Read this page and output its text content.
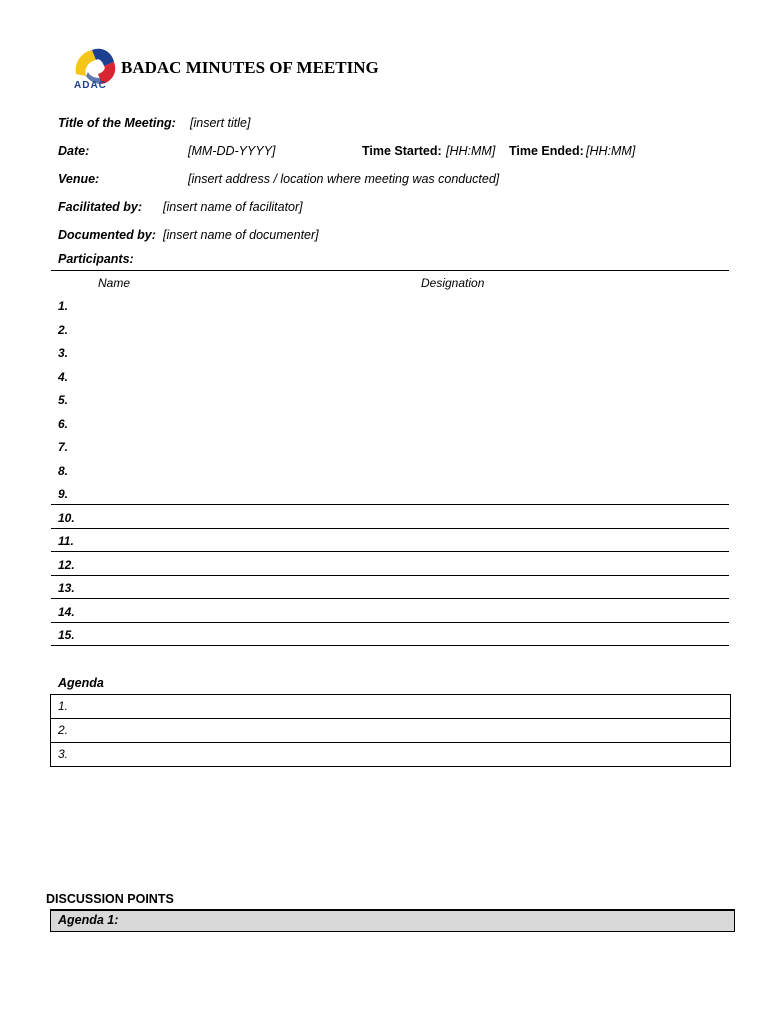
ADAC
BADAC MINUTES OF MEETING
Title of the Meeting: [insert title]
Date:	[MM-DD-YYYY]	Time Started: [HH:MM] Time Ended: [HH:MM]
Venue:	[insert address / location where meeting was conducted]
Facilitated by: [insert name of facilitator]
Documented by: [insert name of documenter]
Participants:
Name	Designation
1.
2.
3.
4.
5.
6.
7.
8.
9.
10.
11.
12.
13.
14.
15.
Agenda
1.
2.
3.
DISCUSSION POINTS
Agenda 1:
